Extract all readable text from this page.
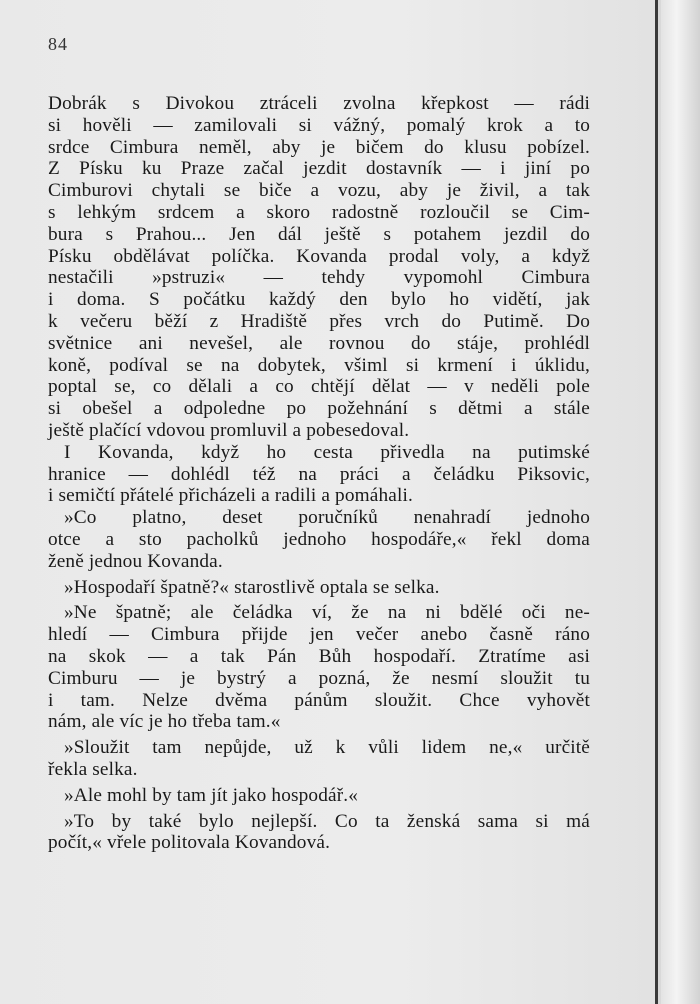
84
Dobrák s Divokou ztráceli zvolna křepkost — rádi
si hověli — zamilovali si vážný, pomalý krok a to
srdce Cimbura neměl, aby je bičem do klusu pobízel.
Z Písku ku Praze začal jezdit dostavník — i jiní po
Cimburovi chytali se biče a vozu, aby je živil, a tak
s lehkým srdcem a skoro radostně rozloučil se Cim-
bura s Prahou... Jen dál ještě s potahem jezdil do
Písku obdělávat políčka. Kovanda prodal voly, a když
nestačili »pstruzi« — tehdy vypomohl Cimbura
i doma. S počátku každý den bylo ho vidětí, jak
k večeru běží z Hradiště přes vrch do Putimě. Do
světnice ani nevešel, ale rovnou do stáje, prohlédl
koně, podíval se na dobytek, všiml si krmení i úklidu,
poptal se, co dělali a co chtějí dělat — v neděli pole
si obešel a odpoledne po požehnání s dětmi a stále
ještě plačící vdovou promluvil a pobesedoval.
I Kovanda, když ho cesta přivedla na putimské
hranice — dohlédl též na práci a čeládku Piksovic,
i semičtí přátelé přicházeli a radili a pomáhali.
»Co platno, deset poručníků nenahradí jednoho
otce a sto pacholků jednoho hospodáře,« řekl doma
ženě jednou Kovanda.
»Hospodaří špatně?« starostlivě optala se selka.
»Ne špatně; ale čeládka ví, že na ni bdělé oči ne-
hledí — Cimbura přijde jen večer anebo časně ráno
na skok — a tak Pán Bůh hospodaří. Ztratíme asi
Cimburu — je bystrý a pozná, že nesmí sloužit tu
i tam. Nelze dvěma pánům sloužit. Chce vyhovět
nám, ale víc je ho třeba tam.«
»Sloužit tam nepůjde, už k vůli lidem ne,« určitě
řekla selka.
»Ale mohl by tam jít jako hospodář.«
»To by také bylo nejlepší. Co ta ženská sama si má
počít,« vřele politovala Kovandová.
